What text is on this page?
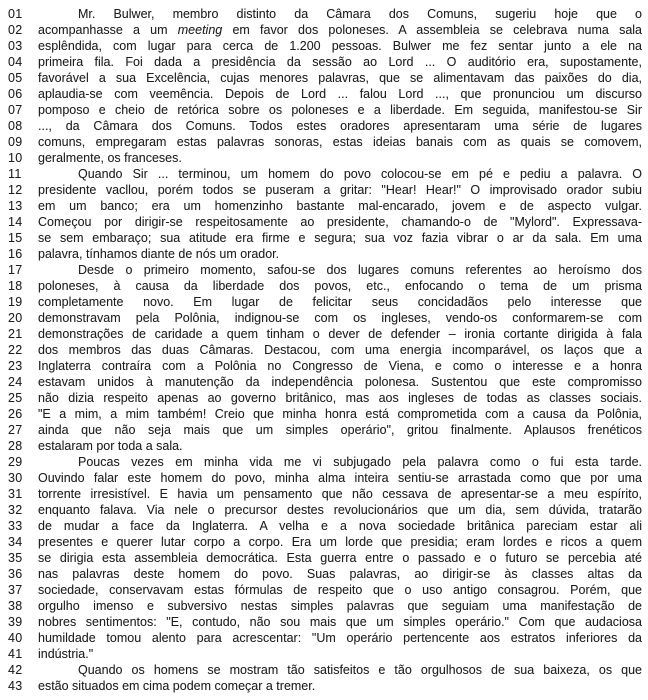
01	Mr. Bulwer, membro distinto da Câmara dos Comuns, sugeriu hoje que o
02	acompanhasse a um meeting em favor dos poloneses. A assembleia se celebrava numa sala
03	esplêndida, com lugar para cerca de 1.200 pessoas. Bulwer me fez sentar junto a ele na
04	primeira fila. Foi dada a presidência da sessão ao Lord ... O auditório era, supostamente,
05	favorável a sua Excelência, cujas menores palavras, que se alimentavam das paixões do dia,
06	aplaudia-se com veemência. Depois de Lord ... falou Lord ..., que pronunciou um discurso
07	pomposo e cheio de retórica sobre os poloneses e a liberdade. Em seguida, manifestou-se Sir
08	..., da Câmara dos Comuns. Todos estes oradores apresentaram uma série de lugares
09	comuns, empregaram estas palavras sonoras, estas ideias banais com as quais se comovem,
10	geralmente, os franceses.
11	Quando Sir ... terminou, um homem do povo colocou-se em pé e pediu a palavra. O
12	presidente vacllou, porém todos se puseram a gritar: "Hear! Hear!" O improvisado orador subiu
13	em um banco; era um homenzinho bastante mal-encarado, jovem e de aspecto vulgar.
14	Começou por dirigir-se respeitosamente ao presidente, chamando-o de "Mylord". Expressava-
15	se sem embaraço; sua atitude era firme e segura; sua voz fazia vibrar o ar da sala. Em uma
16	palavra, tínhamos diante de nós um orador.
17	Desde o primeiro momento, safou-se dos lugares comuns referentes ao heroísmo dos
18	poloneses, à causa da liberdade dos povos, etc., enfocando o tema de um prisma
19	completamente novo. Em lugar de felicitar seus concidadãos pelo interesse que
20	demonstravam pela Polônia, indignou-se com os ingleses, vendo-os conformarem-se com
21	demonstrações de caridade a quem tinham o dever de defender – ironia cortante dirigida à fala
22	dos membros das duas Câmaras. Destacou, com uma energia incomparável, os laços que a
23	Inglaterra contraíra com a Polônia no Congresso de Viena, e como o interesse e a honra
24	estavam unidos à manutenção da independência polonesa. Sustentou que este compromisso
25	não dizia respeito apenas ao governo britânico, mas aos ingleses de todas as classes sociais.
26	"E a mim, a mim também! Creio que minha honra está comprometida com a causa da Polônia,
27	ainda que não seja mais que um simples operário", gritou finalmente. Aplausos frenéticos
28	estalaram por toda a sala.
29	Poucas vezes em minha vida me vi subjugado pela palavra como o fui esta tarde.
30	Ouvindo falar este homem do povo, minha alma inteira sentiu-se arrastada como que por uma
31	torrente irresistível. E havia um pensamento que não cessava de apresentar-se a meu espírito,
32	enquanto falava. Via nele o precursor destes revolucionários que um dia, sem dúvida, tratarão
33	de mudar a face da Inglaterra. A velha e a nova sociedade britânica pareciam estar ali
34	presentes e querer lutar corpo a corpo. Era um lorde que presidia; eram lordes e ricos a quem
35	se dirigia esta assembleia democrática. Esta guerra entre o passado e o futuro se percebia até
36	nas palavras deste homem do povo. Suas palavras, ao dirigir-se às classes altas da
37	sociedade, conservavam estas fórmulas de respeito que o uso antigo consagrou. Porém, que
38	orgulho imenso e subversivo nestas simples palavras que seguiam uma manifestação de
39	nobres sentimentos: "E, contudo, não sou mais que um simples operário." Com que audaciosa
40	humildade tomou alento para acrescentar: "Um operário pertencente aos estratos inferiores da
41	indústria."
42	Quando os homens se mostram tão satisfeitos e tão orgulhosos de sua baixeza, os que
43	estão situados em cima podem começar a tremer.
